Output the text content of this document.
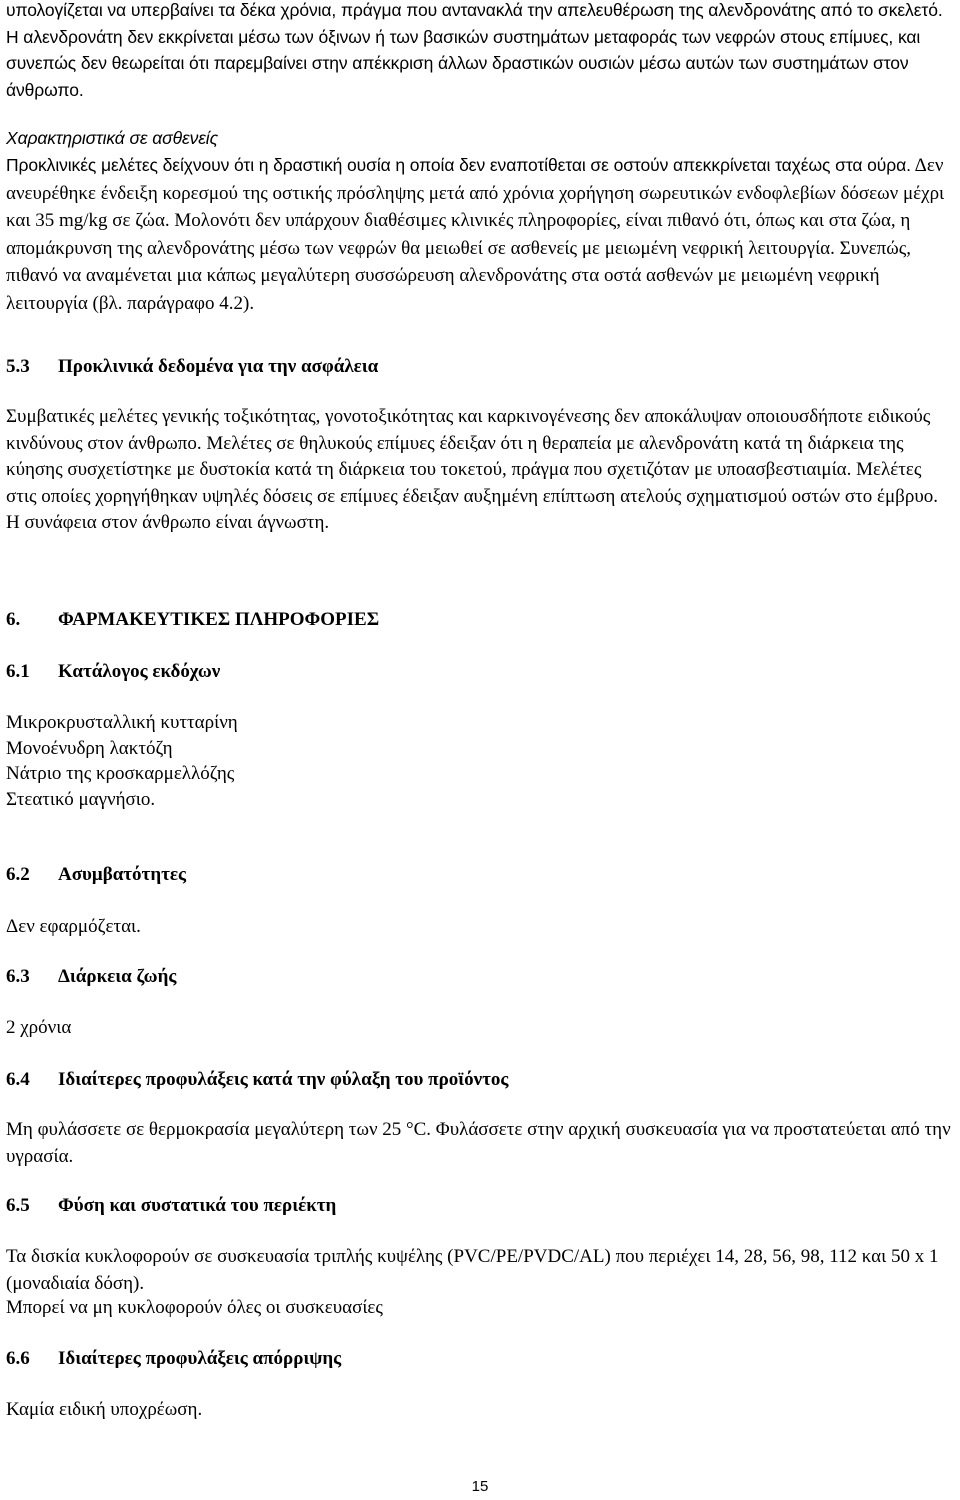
υπολογίζεται να υπερβαίνει τα δέκα χρόνια, πράγμα που αντανακλά την απελευθέρωση της αλενδρονάτης από το σκελετό. Η αλενδρονάτη δεν εκκρίνεται μέσω των όξινων ή των βασικών συστημάτων μεταφοράς των νεφρών στους επίμυες, και συνεπώς δεν θεωρείται ότι παρεμβαίνει στην απέκκριση άλλων δραστικών ουσιών μέσω αυτών των συστημάτων στον άνθρωπο.

Χαρακτηριστικά σε ασθενείς

Προκλινικές μελέτες δείχνουν ότι η δραστική ουσία η οποία δεν εναποτίθεται σε οστούν απεκκρίνεται ταχέως στα ούρα. Δεν ανευρέθηκε ένδειξη κορεσμού της οστικής πρόσληψης μετά από χρόνια χορήγηση σωρευτικών ενδοφλεβίων δόσεων μέχρι και 35 mg/kg σε ζώα. Μολονότι δεν υπάρχουν διαθέσιμες κλινικές πληροφορίες, είναι πιθανό ότι, όπως και στα ζώα, η απομάκρυνση της αλενδρονάτης μέσω των νεφρών θα μειωθεί σε ασθενείς με μειωμένη νεφρική λειτουργία. Συνεπώς, πιθανό να αναμένεται μια κάπως μεγαλύτερη συσσώρευση αλενδρονάτης στα οστά ασθενών με μειωμένη νεφρική λειτουργία (βλ. παράγραφο 4.2).

5.3 Προκλινικά δεδομένα για την ασφάλεια

Συμβατικές μελέτες γενικής τοξικότητας, γονοτοξικότητας και καρκινογένεσης δεν αποκάλυψαν οποιουσδήποτε ειδικούς κινδύνους στον άνθρωπο. Μελέτες σε θηλυκούς επίμυες έδειξαν ότι η θεραπεία με αλενδρονάτη κατά τη διάρκεια της κύησης συσχετίστηκε με δυστοκία κατά τη διάρκεια του τοκετού, πράγμα που σχετιζόταν με υποασβεστιαιμία. Μελέτες στις οποίες χορηγήθηκαν υψηλές δόσεις σε επίμυες έδειξαν αυξημένη επίπτωση ατελούς σχηματισμού οστών στο έμβρυο. Η συνάφεια στον άνθρωπο είναι άγνωστη.

6. ΦΑΡΜΑΚΕΥΤΙΚΕΣ ΠΛΗΡΟΦΟΡΙΕΣ
6.1 Κατάλογος εκδόχων
Μικροκρυσταλλική κυτταρίνη
Μονοένυδρη λακτόζη
Νάτριο της κροσκαρμελλόζης
Στεατικό μαγνήσιο.
6.2 Ασυμβατότητες
Δεν εφαρμόζεται.
6.3 Διάρκεια ζωής
2 χρόνια
6.4 Ιδιαίτερες προφυλάξεις κατά την φύλαξη του προϊόντος

Μη φυλάσσετε σε θερμοκρασία μεγαλύτερη των 25 °C. Φυλάσσετε στην αρχική συσκευασία για να προστατεύεται από την υγρασία.

6.5 Φύση και συστατικά του περιέκτη

Τα δισκία κυκλοφορούν σε συσκευασία τριπλής κυψέλης (PVC/PE/PVDC/AL) που περιέχει 14, 28, 56, 98, 112 και 50 x 1 (μοναδιαία δόση).

Μπορεί να μη κυκλοφορούν όλες οι συσκευασίες
6.6 Ιδιαίτερες προφυλάξεις απόρριψης
Καμία ειδική υποχρέωση.
15
